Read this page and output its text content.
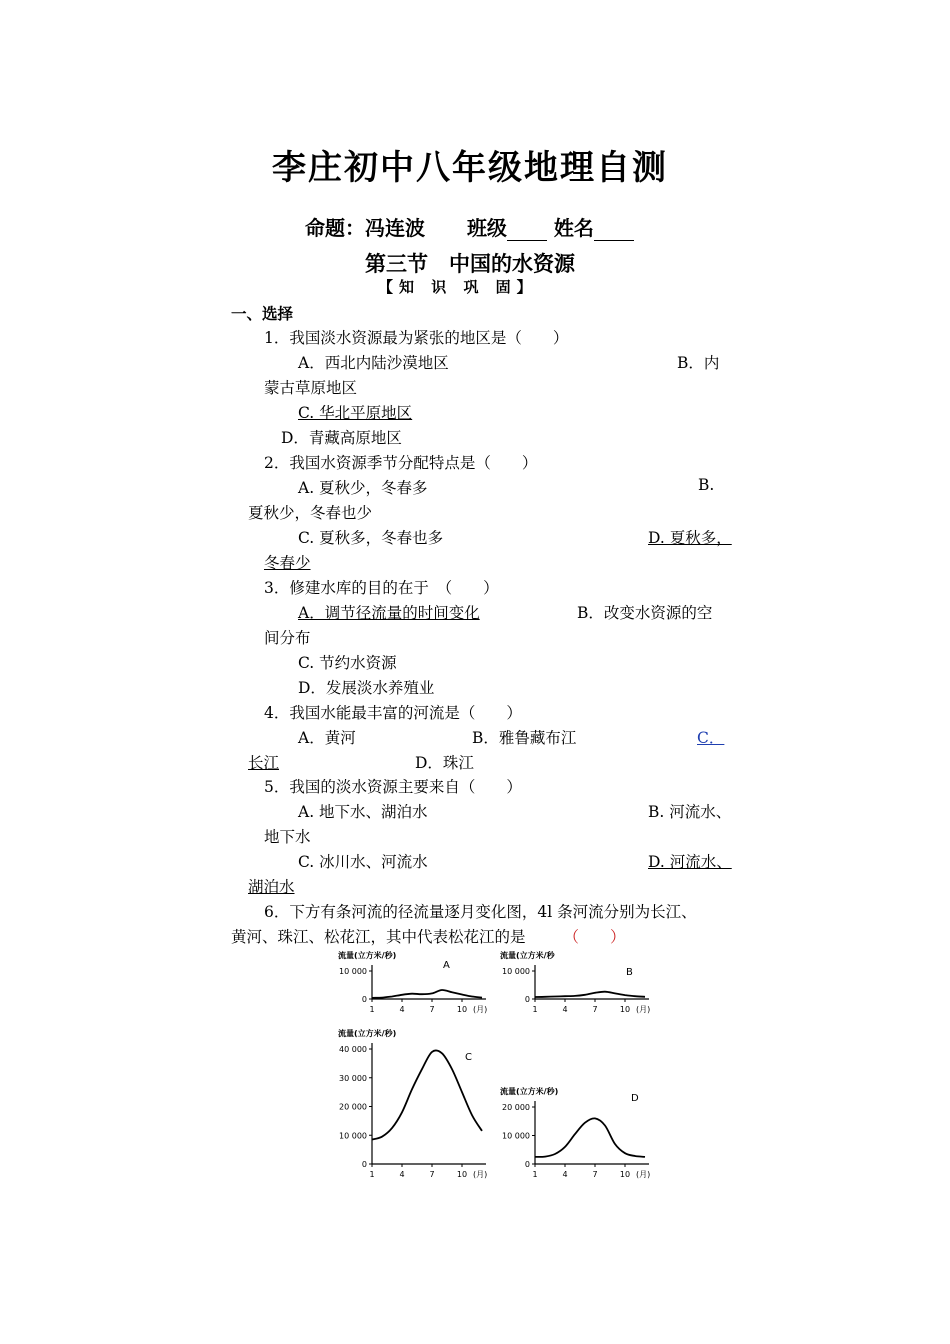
李庄初中八年级地理自测
命题：冯连波 班级 姓名
第三节　中国的水资源
【知 识 巩 固】
一、选择
1．我国淡水资源最为紧张的地区是（　　）
A．西北内陆沙漠地区	B．内
蒙古草原地区
C. 华北平原地区
D．青藏高原地区
2．我国水资源季节分配特点是（　　）
A. 夏秋少，冬春多	B.
夏秋少，冬春也少
C. 夏秋多，冬春也多	D. 夏秋多，
冬春少
3．修建水库的目的在于　（　　）
A．调节径流量的时间变化	B．改变水资源的空
间分布
C. 节约水资源
D．发展淡水养殖业
4．我国水能最丰富的河流是（　　）
A．黄河	B．雅鲁藏布江	C．
长江	D．珠江
5．我国的淡水资源主要来自（　　）
A. 地下水、湖泊水	B. 河流水、
地下水
C. 冰川水、河流水	D. 河流水、
湖泊水
6．下方有条河流的径流量逐月变化图，4l 条河流分别为长江、
黄河、珠江、松花江，其中代表松花江的是 （　　）
流量(立方米/秒)
A
0
10 000
1	4	7	10 (月)
流量(立方米/秒
B
0
10 000
1	4	7	10 (月)
流量(立方米/秒)
C
0
10 000
20 000
30 000
40 000
1	4	7	10 (月)
流量(立方米/秒)
D
0
10 000
20 000
1	4	7	10 (月)
